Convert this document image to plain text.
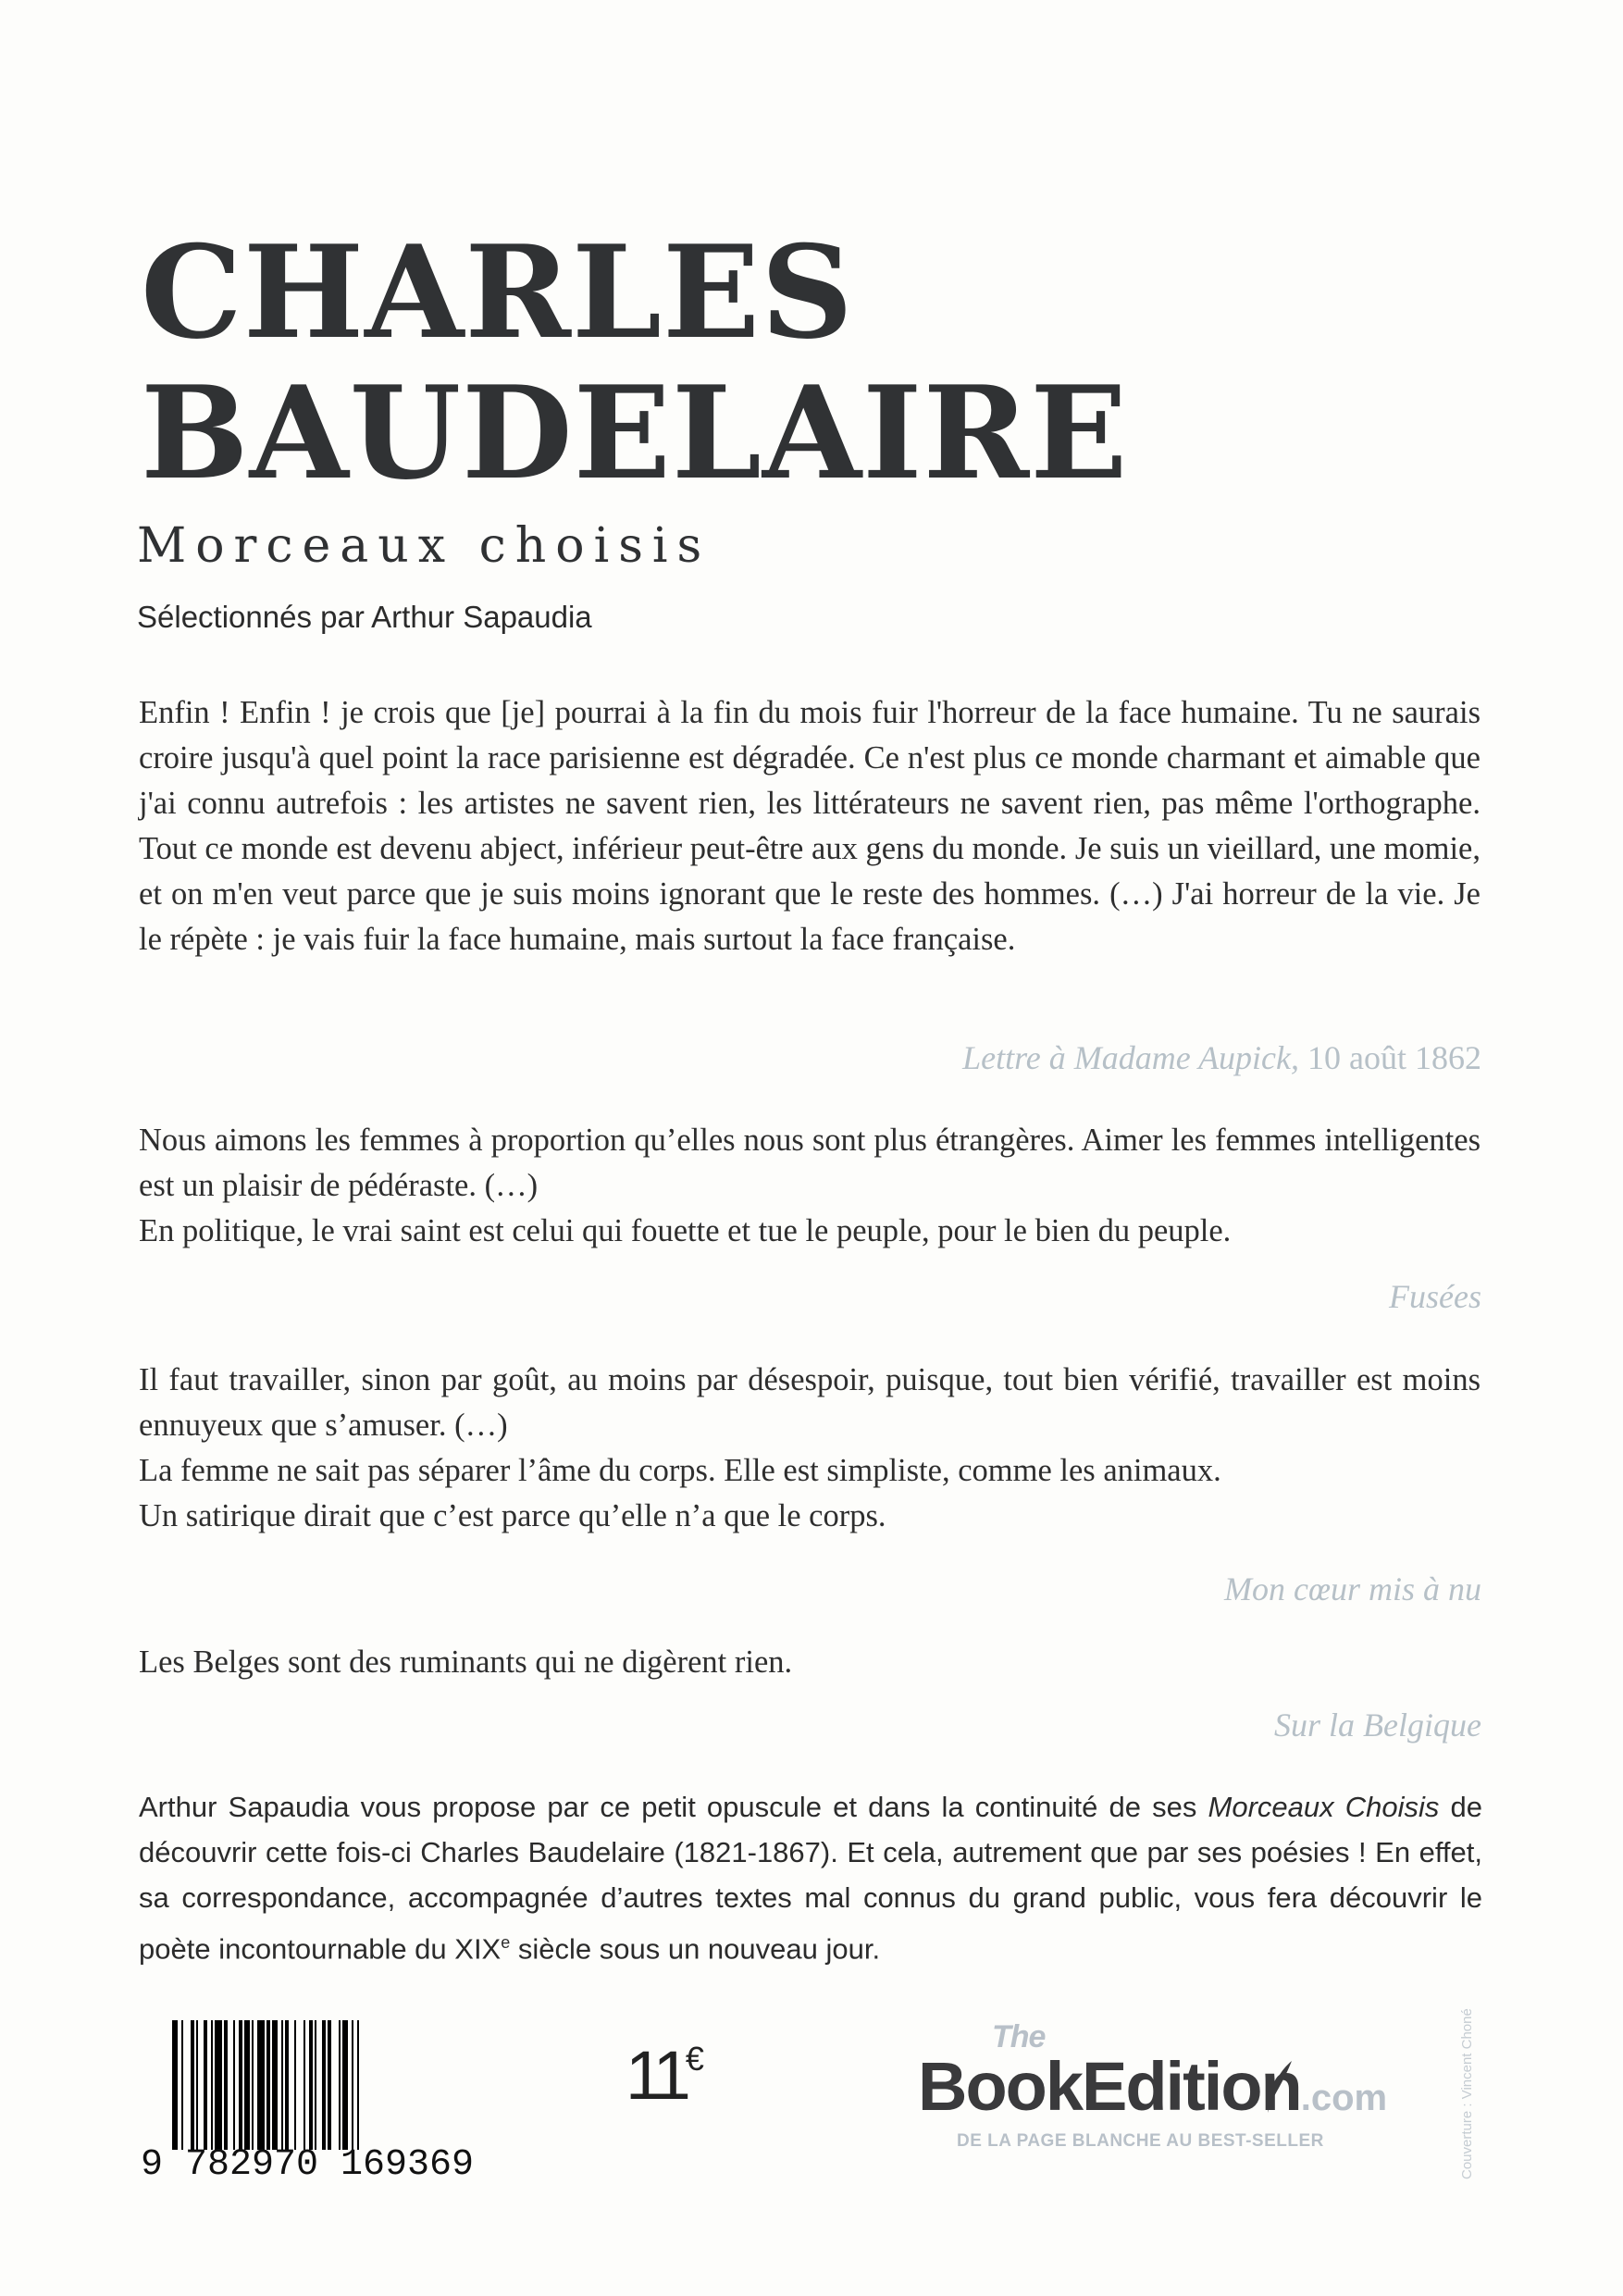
CHARLES
BAUDELAIRE
Morceaux choisis
Sélectionnés par Arthur Sapaudia
Enfin ! Enfin ! je crois que [je] pourrai à la fin du mois fuir l'horreur de la face humaine. Tu ne saurais croire jusqu'à quel point la race parisienne est dégradée. Ce n'est plus ce monde charmant et aimable que j'ai connu autrefois : les artistes ne savent rien, les littérateurs ne savent rien, pas même l'orthographe. Tout ce monde est devenu abject, inférieur peut-être aux gens du monde. Je suis un vieillard, une momie, et on m'en veut parce que je suis moins ignorant que le reste des hommes. (…) J'ai horreur de la vie. Je le répète : je vais fuir la face humaine, mais surtout la face française.
Lettre à Madame Aupick, 10 août 1862
Nous aimons les femmes à proportion qu’elles nous sont plus étrangères. Aimer les femmes intelligentes est un plaisir de pédéraste. (…)
En politique, le vrai saint est celui qui fouette et tue le peuple, pour le bien du peuple.
Fusées
Il faut travailler, sinon par goût, au moins par désespoir, puisque, tout bien vérifié, travailler est moins ennuyeux que s’amuser. (…)
La femme ne sait pas séparer l’âme du corps. Elle est simpliste, comme les animaux.
Un satirique dirait que c’est parce qu’elle n’a que le corps.
Mon cœur mis à nu
Les Belges sont des ruminants qui ne digèrent rien.
Sur la Belgique
Arthur Sapaudia vous propose par ce petit opuscule et dans la continuité de ses Morceaux Choisis de découvrir cette fois-ci Charles Baudelaire (1821-1867). Et cela, autrement que par ses poésies ! En effet, sa correspondance, accompagnée d’autres textes mal connus du grand public, vous fera découvrir le poète incontournable du XIXe siècle sous un nouveau jour.
9 782970 169369
11€
The
BookEdition.com
DE LA PAGE BLANCHE AU BEST-SELLER	Couverture : Vincent Choné
